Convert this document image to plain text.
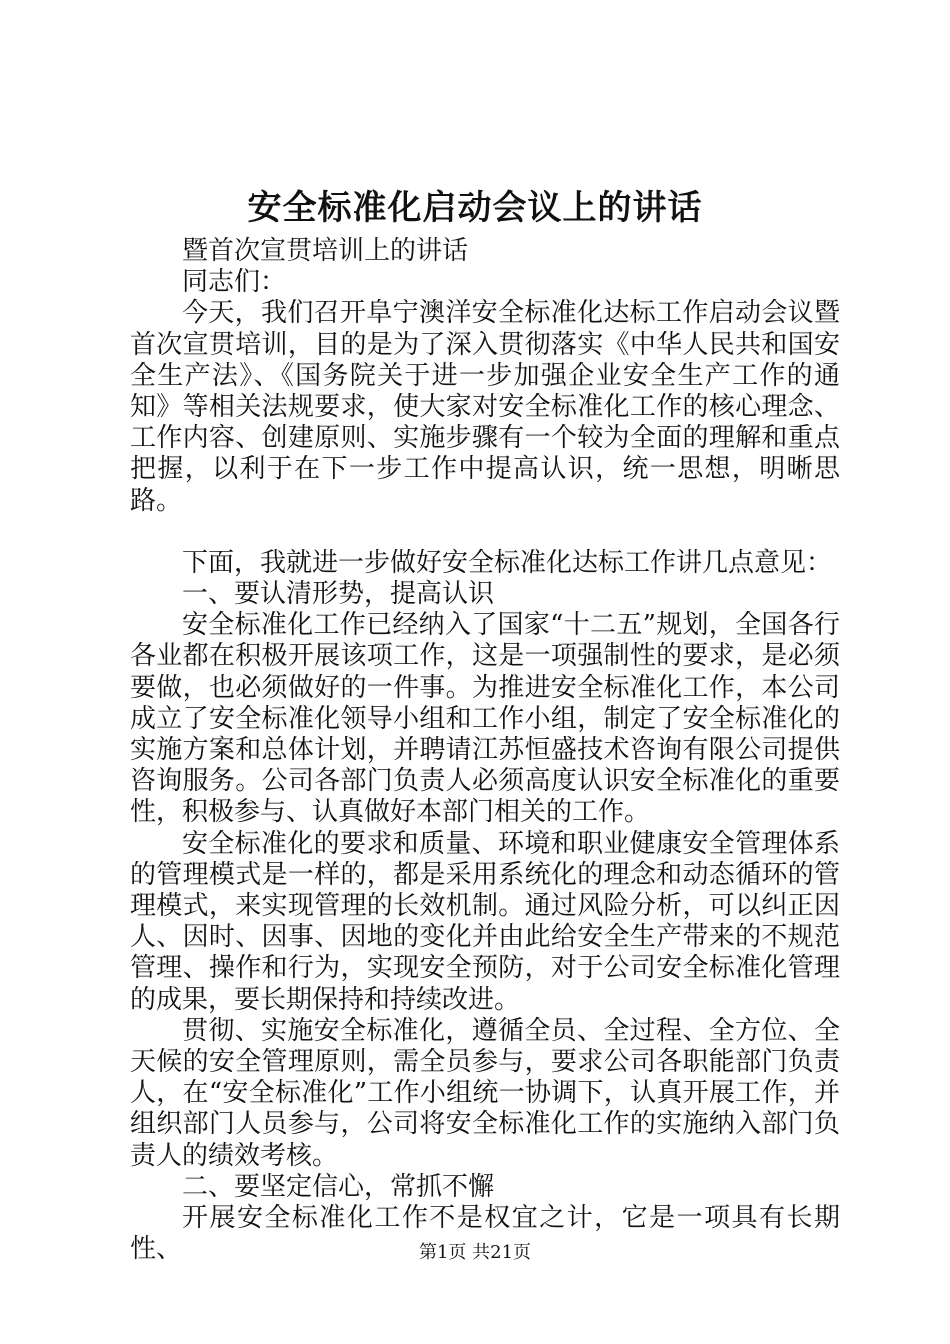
安全标准化启动会议上的讲话

暨首次宣贯培训上的讲话

同志们：

今天，我们召开阜宁澳洋安全标准化达标工作启动会议暨首次宣贯培训，目的是为了深入贯彻落实《中华人民共和国安全生产法》、《国务院关于进一步加强企业安全生产工作的通知》等相关法规要求，使大家对安全标准化工作的核心理念、工作内容、创建原则、实施步骤有一个较为全面的理解和重点把握，以利于在下一步工作中提高认识，统一思想，明晰思路。

下面，我就进一步做好安全标准化达标工作讲几点意见：

一、要认清形势，提高认识

安全标准化工作已经纳入了国家“十二五”规划，全国各行各业都在积极开展该项工作，这是一项强制性的要求，是必须要做，也必须做好的一件事。为推进安全标准化工作，本公司成立了安全标准化领导小组和工作小组，制定了安全标准化的实施方案和总体计划，并聘请江苏恒盛技术咨询有限公司提供咨询服务。公司各部门负责人必须高度认识安全标准化的重要性，积极参与、认真做好本部门相关的工作。

安全标准化的要求和质量、环境和职业健康安全管理体系的管理模式是一样的，都是采用系统化的理念和动态循环的管理模式，来实现管理的长效机制。通过风险分析，可以纠正因人、因时、因事、因地的变化并由此给安全生产带来的不规范管理、操作和行为，实现安全预防，对于公司安全标准化管理的成果，要长期保持和持续改进。

贯彻、实施安全标准化，遵循全员、全过程、全方位、全天候的安全管理原则，需全员参与，要求公司各职能部门负责人，在“安全标准化”工作小组统一协调下，认真开展工作，并组织部门人员参与，公司将安全标准化工作的实施纳入部门负责人的绩效考核。

二、要坚定信心，常抓不懈

开展安全标准化工作不是权宜之计，它是一项具有长期性、	第1页 共21页
